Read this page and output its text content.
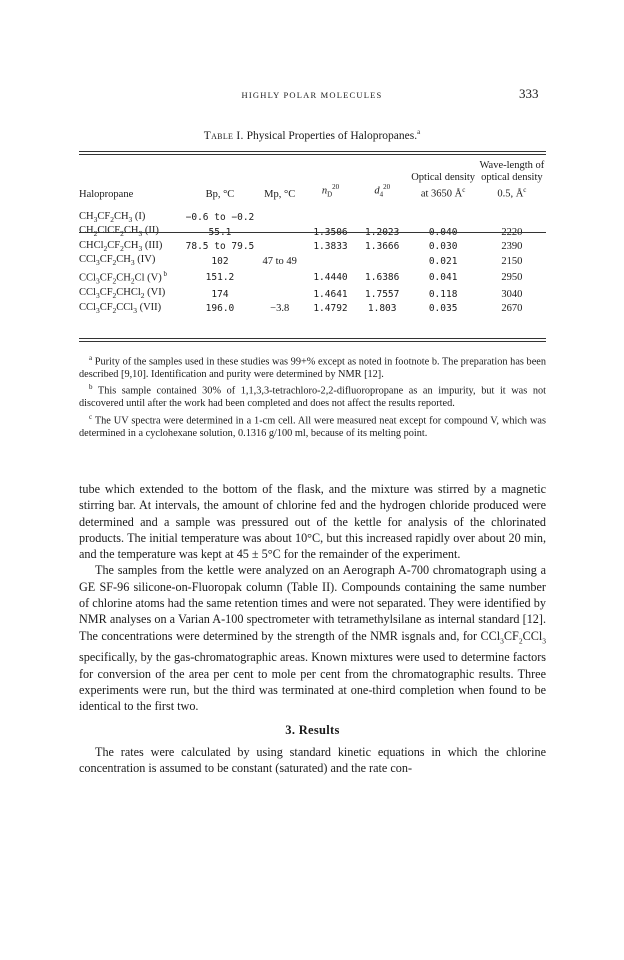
HIGHLY POLAR MOLECULES	333
Table I. Physical Properties of Halopropanes.$^a$
Halopropane	Bp, °C	Mp, °C	$n_D^{20}$	$d_4^{20}$	Optical density at 3650 $Å^c$	Wave-length of optical density 0.5, $Å^c$
$CH_3CF_2CH_3$ (I)	−0.6 to −0.2					
$CH_2ClCF_2CH_3$ (II)	55.1		1.3506	1.2023	0.040	2220
$CHCl_2CF_2CH_3$ (III)	78.5 to 79.5		1.3833	1.3666	0.030	2390
$CCl_3CF_2CH_3$ (IV)	102	47 to 49			0.021	2150
$CCl_3CF_2CH_2Cl$ (V) $^b$	151.2		1.4440	1.6386	0.041	2950
$CCl_3CF_2CHCl_2$ (VI)	174		1.4641	1.7557	0.118	3040
$CCl_3CF_2CCl_3$ (VII)	196.0	−3.8	1.4792	1.803	0.035	2670

$^a$ Purity of the samples used in these studies was 99+% except as noted in footnote b. The preparation has been described [9,10]. Identification and purity were determined by NMR [12].

$^b$ This sample contained 30% of 1,1,3,3-tetrachloro-2,2-difluoropropane as an impurity, but it was not discovered until after the work had been completed and does not affect the results reported.

$^c$ The UV spectra were determined in a 1-cm cell. All were measured neat except for compound V, which was determined in a cyclohexane solution, 0.1316 g/100 ml, because of its melting point.

tube which extended to the bottom of the flask, and the mixture was stirred by a magnetic stirring bar. At intervals, the amount of chlorine fed and the hydrogen chloride produced were determined and a sample was pressured out of the kettle for analysis of the chlorinated products. The initial temperature was about 10°C, but this increased rapidly over about 20 min, and the temperature was kept at 45 ± 5°C for the remainder of the experiment.

The samples from the kettle were analyzed on an Aerograph A-700 chromatograph using a GE SF-96 silicone-on-Fluoropak column (Table II). Compounds containing the same number of chlorine atoms had the same retention times and were not separated. They were identified by NMR analyses on a Varian A-100 spectrometer with tetramethylsilane as internal standard [12]. The concentrations were determined by the strength of the NMR isgnals and, for $CCl_3CF_2CCl_3$ specifically, by the gas-chromatographic areas. Known mixtures were used to determine factors for conversion of the area per cent to mole per cent from the chromatographic results. Three experiments were run, but the third was terminated at one-third completion when found to be identical to the first two.

3. Results

The rates were calculated by using standard kinetic equations in which the chlorine concentration is assumed to be constant (saturated) and the rate con-
